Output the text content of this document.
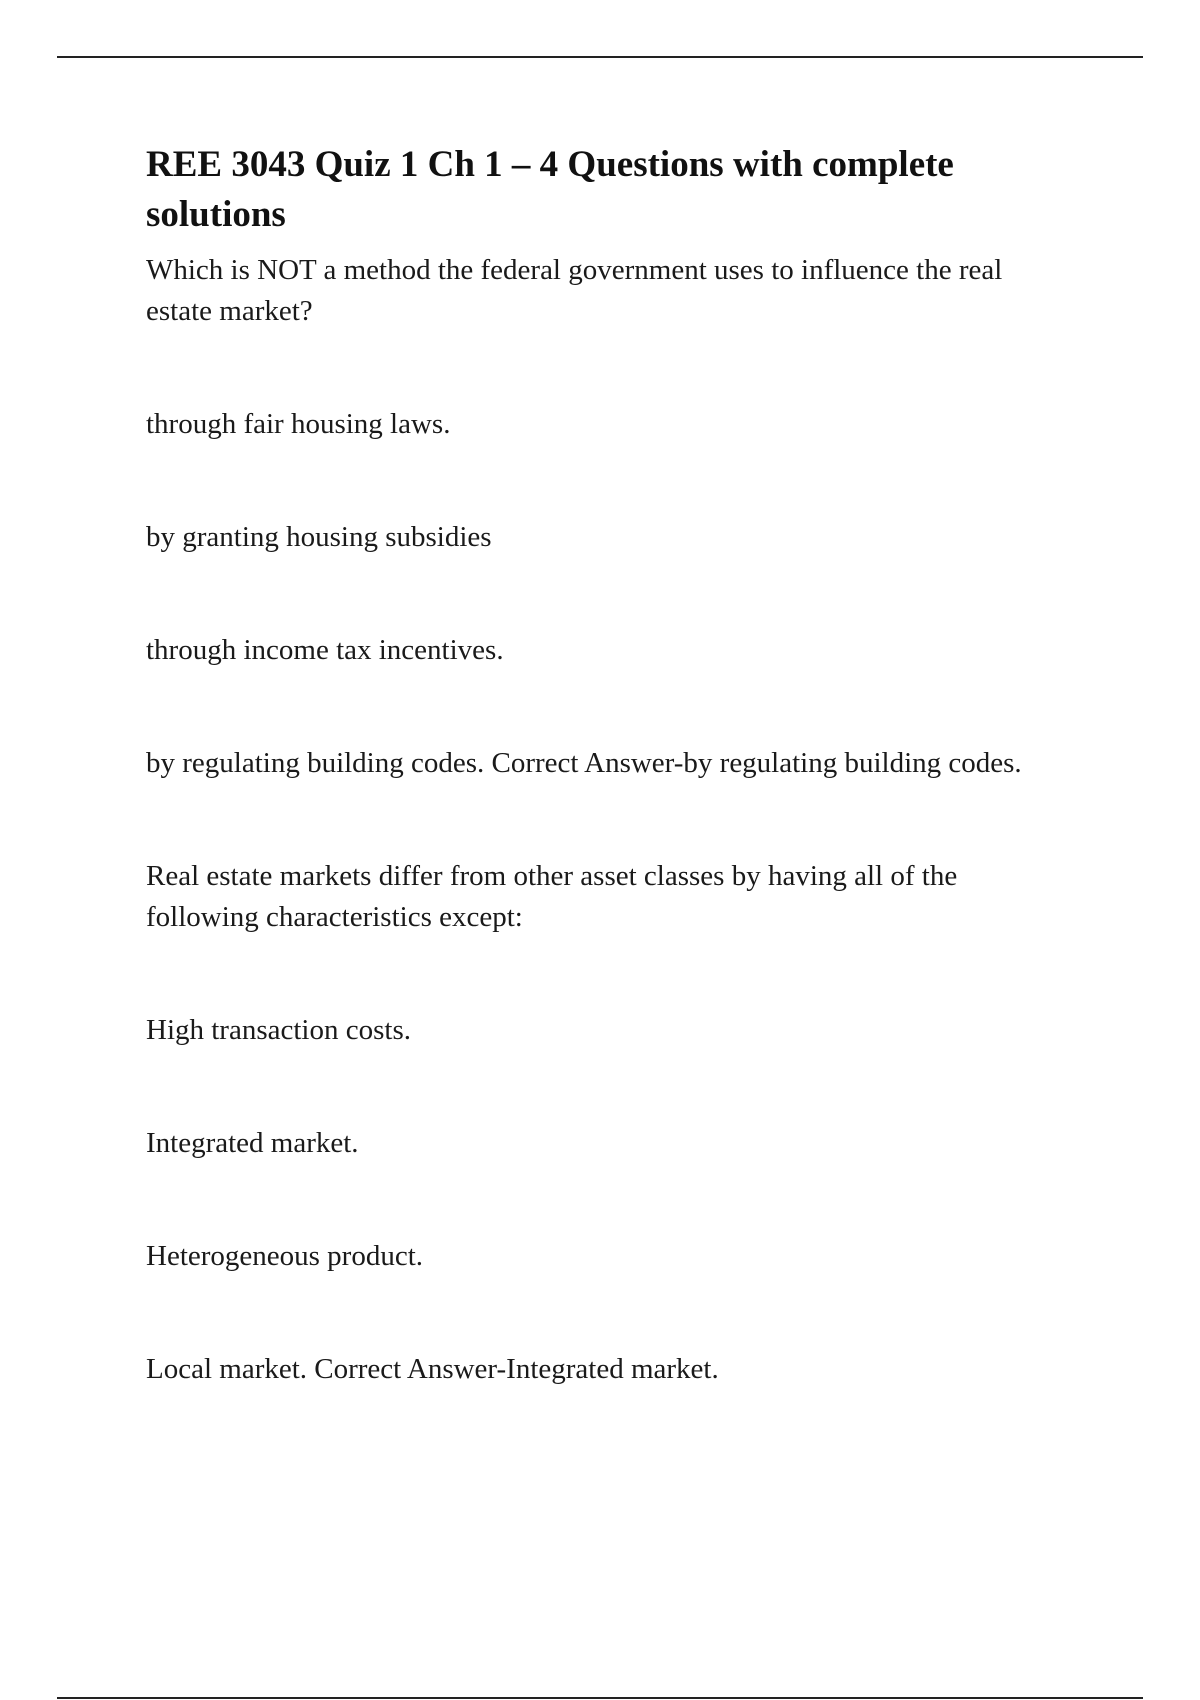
REE 3043 Quiz 1 Ch 1 – 4 Questions with complete solutions

Which is NOT a method the federal government uses to influence the real estate market?

through fair housing laws.

by granting housing subsidies

through income tax incentives.

by regulating building codes. Correct Answer-by regulating building codes.

Real estate markets differ from other asset classes by having all of the following characteristics except:

High transaction costs.

Integrated market.

Heterogeneous product.

Local market. Correct Answer-Integrated market.
